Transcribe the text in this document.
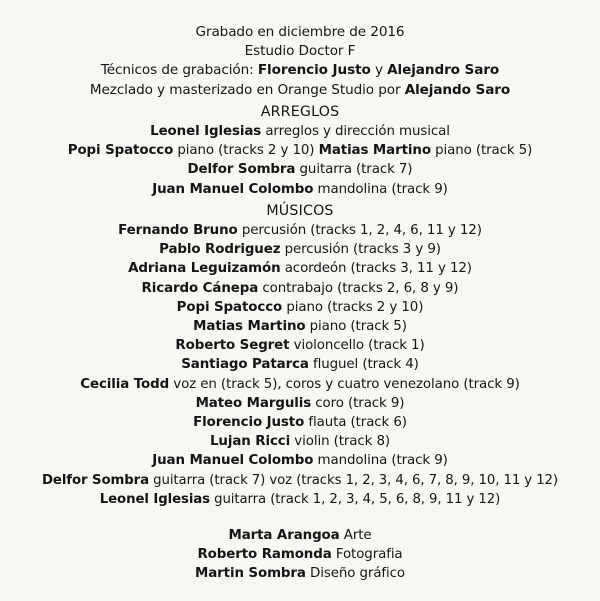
Grabado en diciembre de 2016

Estudio Doctor F

Técnicos de grabación: Florencio Justo y Alejandro Saro

Mezclado y masterizado en Orange Studio por Alejando Saro

ARREGLOS

Leonel Iglesias arreglos y dirección musical

Popi Spatocco piano (tracks 2 y 10) Matias Martino piano (track 5)

Delfor Sombra guitarra (track 7)

Juan Manuel Colombo mandolina (track 9)

MÚSICOS

Fernando Bruno percusión (tracks 1, 2, 4, 6, 11 y 12)

Pablo Rodriguez percusión (tracks 3 y 9)

Adriana Leguizamón acordeón (tracks 3, 11 y 12)

Ricardo Cánepa contrabajo (tracks 2, 6, 8 y 9)

Popi Spatocco piano (tracks 2 y 10)

Matias Martino piano (track 5)

Roberto Segret violoncello (track 1)

Santiago Patarca fluguel (track 4)

Cecilia Todd voz en (track 5), coros y cuatro venezolano (track 9)

Mateo Margulis coro (track 9)

Florencio Justo flauta (track 6)

Lujan Ricci violin (track 8)

Juan Manuel Colombo mandolina (track 9)

Delfor Sombra guitarra (track 7) voz (tracks 1, 2, 3, 4, 6, 7, 8, 9, 10, 11 y 12)

Leonel Iglesias guitarra (track 1, 2, 3, 4, 5, 6, 8, 9, 11 y 12)

Marta Arangoa Arte

Roberto Ramonda Fotografia

Martin Sombra Diseño gráfico
